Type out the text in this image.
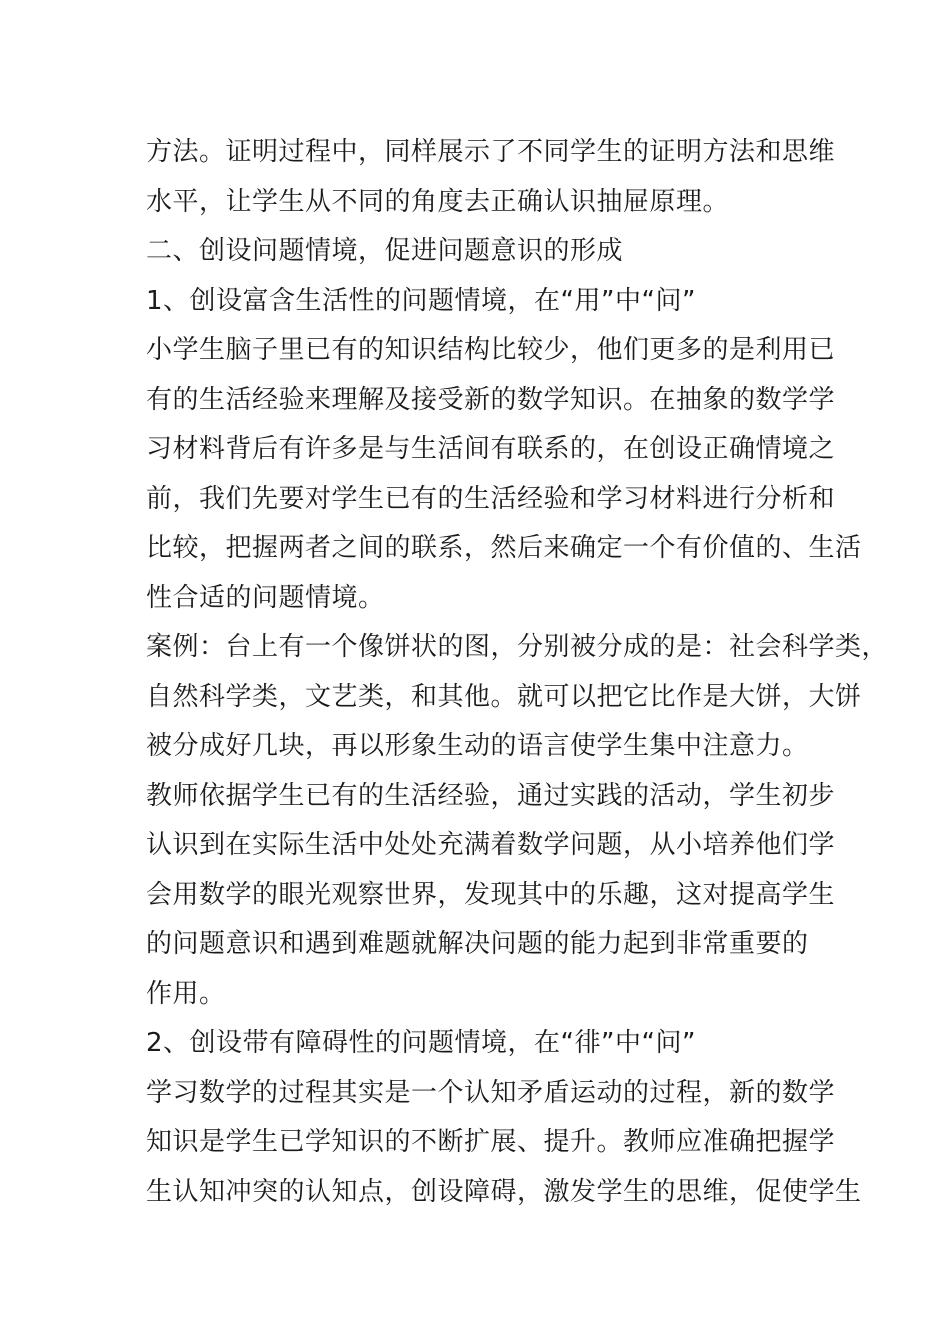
方法。证明过程中，同样展示了不同学生的证明方法和思维
水平，让学生从不同的角度去正确认识抽屉原理。
二、创设问题情境，促进问题意识的形成
1、创设富含生活性的问题情境，在“用”中“问”
小学生脑子里已有的知识结构比较少，他们更多的是利用已
有的生活经验来理解及接受新的数学知识。在抽象的数学学
习材料背后有许多是与生活间有联系的，在创设正确情境之
前，我们先要对学生已有的生活经验和学习材料进行分析和
比较，把握两者之间的联系，然后来确定一个有价值的、生活
性合适的问题情境。
案例：台上有一个像饼状的图，分别被分成的是：社会科学类，
自然科学类，文艺类，和其他。就可以把它比作是大饼，大饼
被分成好几块，再以形象生动的语言使学生集中注意力。
教师依据学生已有的生活经验，通过实践的活动，学生初步
认识到在实际生活中处处充满着数学问题，从小培养他们学
会用数学的眼光观察世界，发现其中的乐趣，这对提高学生
的问题意识和遇到难题就解决问题的能力起到非常重要的
作用。
2、创设带有障碍性的问题情境，在“徘”中“问”
学习数学的过程其实是一个认知矛盾运动的过程，新的数学
知识是学生已学知识的不断扩展、提升。教师应准确把握学
生认知冲突的认知点，创设障碍，激发学生的思维，促使学生
